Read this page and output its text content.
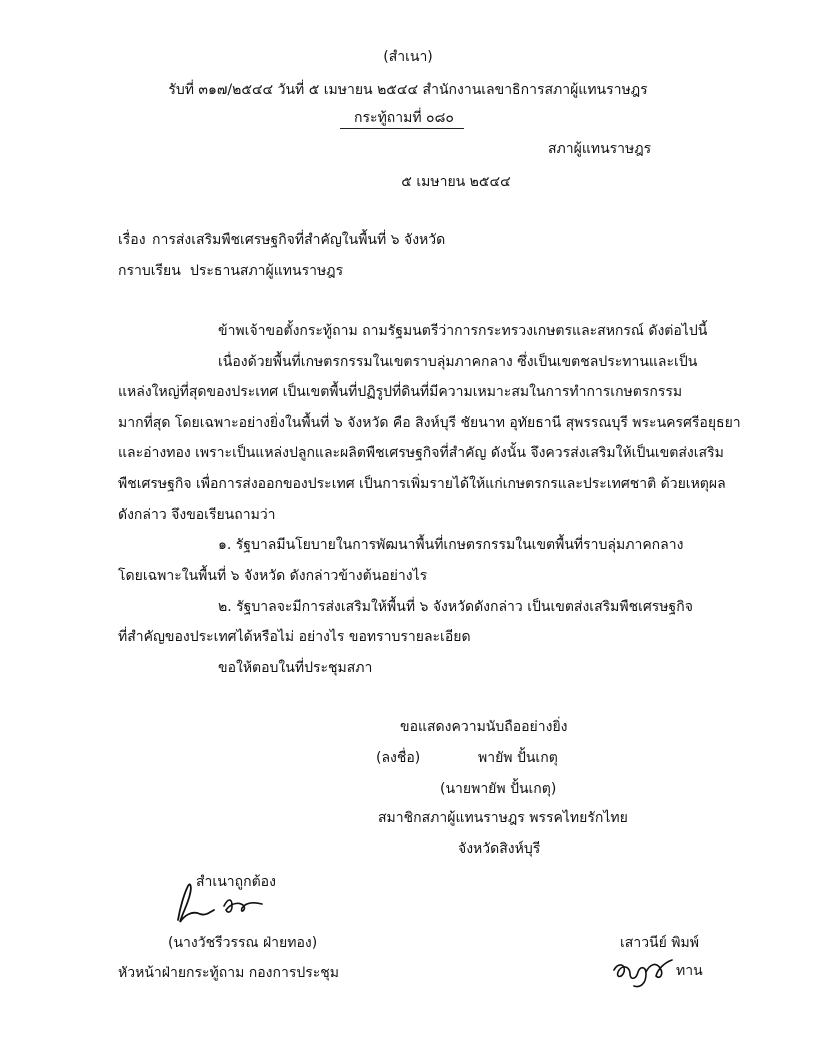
(สำเนา)
รับที่ ๓๑๗/๒๕๔๔ วันที่ ๕ เมษายน ๒๕๔๔ สำนักงานเลขาธิการสภาผู้แทนราษฎร
กระทู้ถามที่ ๐๘๐
สภาผู้แทนราษฎร
๕ เมษายน ๒๕๔๔
เรื่อง การส่งเสริมพืชเศรษฐกิจที่สำคัญในพื้นที่ ๖ จังหวัด
กราบเรียน ประธานสภาผู้แทนราษฎร
ข้าพเจ้าขอตั้งกระทู้ถาม ถามรัฐมนตรีว่าการกระทรวงเกษตรและสหกรณ์ ดังต่อไปนี้
เนื่องด้วยพื้นที่เกษตรกรรมในเขตราบลุ่มภาคกลาง ซึ่งเป็นเขตชลประทานและเป็น
แหล่งใหญ่ที่สุดของประเทศ เป็นเขตพื้นที่ปฏิรูปที่ดินที่มีความเหมาะสมในการทำการเกษตรกรรม
มากที่สุด โดยเฉพาะอย่างยิ่งในพื้นที่ ๖ จังหวัด คือ สิงห์บุรี ชัยนาท อุทัยธานี สุพรรณบุรี พระนครศรีอยุธยา
และอ่างทอง เพราะเป็นแหล่งปลูกและผลิตพืชเศรษฐกิจที่สำคัญ ดังนั้น จึงควรส่งเสริมให้เป็นเขตส่งเสริม
พืชเศรษฐกิจ เพื่อการส่งออกของประเทศ เป็นการเพิ่มรายได้ให้แก่เกษตรกรและประเทศชาติ ด้วยเหตุผล
ดังกล่าว จึงขอเรียนถามว่า
๑. รัฐบาลมีนโยบายในการพัฒนาพื้นที่เกษตรกรรมในเขตพื้นที่ราบลุ่มภาคกลาง
โดยเฉพาะในพื้นที่ ๖ จังหวัด ดังกล่าวข้างต้นอย่างไร
๒. รัฐบาลจะมีการส่งเสริมให้พื้นที่ ๖ จังหวัดดังกล่าว เป็นเขตส่งเสริมพืชเศรษฐกิจ
ที่สำคัญของประเทศได้หรือไม่ อย่างไร ขอทราบรายละเอียด
ขอให้ตอบในที่ประชุมสภา
ขอแสดงความนับถืออย่างยิ่ง
(ลงชื่อ)	พายัพ ปั้นเกตุ
(นายพายัพ ปั้นเกตุ)
สมาชิกสภาผู้แทนราษฎร พรรคไทยรักไทย
จังหวัดสิงห์บุรี
สำเนาถูกต้อง
(นางวัชรีวรรณ ฝ่ายทอง)
หัวหน้าฝ่ายกระทู้ถาม กองการประชุม
เสาวนีย์ พิมพ์
ทาน
